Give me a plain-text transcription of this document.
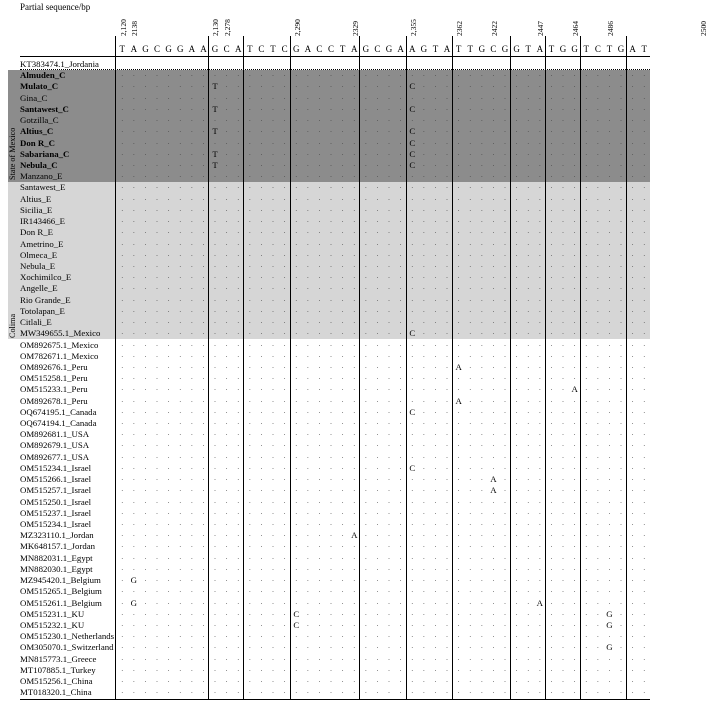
Partial sequence/bp
2,120 2138	2,130 2,278	2,290	2329	2,355	2362	2422	2447	2464	2486	2500
T A G C G G A A G C A T C T C G A C C T A G C G A A G T A T T G C G G T A T G G T C T G A T
KT383474.1_Jordania
Almuden_C	.	.	.	.	.	.	.	.	.	.	.	.	.	.	.	.	.	.	.	.	.	.	.	.	.	.	.	.	.	.	.	.	.	.	.	.	.	.	.	.	.	.	.	.	.	.
Mulato_C	.	.	.	.	.	.	.	. T	.	.	.	.	.	.	.	.	.	.	.	.	.	.	.	. C	.	.	.	.	.	.	.	.	.	.	.	.	.	.	.	.	.	.	.	.
Gina_C	.	.	.	.	.	.	.	.	.	.	.	.	.	.	.	.	.	.	.	.	.	.	.	.	.	.	.	.	.	.	.	.	.	.	.	.	.	.	.	.	.	.	.	.	.	.
Santawest_C	.	.	.	.	.	.	.	. T	.	.	.	.	.	.	.	.	.	.	.	.	.	.	.	. C	.	.	.	.	.	.	.	.	.	.	.	.	.	.	.	.	.	.	.	.
Gotzilla_C	.	.	.	.	.	.	.	.	.	.	.	.	.	.	.	.	.	.	.	.	.	.	.	.	.	.	.	.	.	.	.	.	.	.	.	.	.	.	.	.	.	.	.	.	.	.
Altius_C	.	.	.	.	.	.	.	. T	.	.	.	.	.	.	.	.	.	.	.	.	.	.	.	. C	.	.	.	.	.	.	.	.	.	.	.	.	.	.	.	.	.	.	.	.
Don R_C	.	.	.	.	.	.	.	.	.	.	.	.	.	.	.	.	.	.	.	.	.	.	.	.	. C	.	.	.	.	.	.	.	.	.	.	.	.	.	.	.	.	.	.	.	.
Sabariana_C	.	.	.	.	.	.	.	. T	.	.	.	.	.	.	.	.	.	.	.	.	.	.	.	. C	.	.	.	.	.	.	.	.	.	.	.	.	.	.	.	.	.	.	.	.
Nebula_C	.	.	.	.	.	.	.	. T	.	.	.	.	.	.	.	.	.	.	.	.	.	.	.	. C	.	.	.	.	.	.	.	.	.	.	.	.	.	.	.	.	.	.	.	.
Manzano_E	.	.	.	.	.	.	.	.	.	.	.	.	.	.	.	.	.	.	.	.	.	.	.	.	.	.	.	.	.	.	.	.	.	.	.	.	.	.	.	.	.	.	.	.	.	.
Santawest_E	.	.	.	.	.	.	.	.	.	.	.	.	.	.	.	.	.	.	.	.	.	.	.	.	.	.	.	.	.	.	.	.	.	.	.	.	.	.	.	.	.	.	.	.	.	.
Altius_E	.	.	.	.	.	.	.	.	.	.	.	.	.	.	.	.	.	.	.	.	.	.	.	.	.	.	.	.	.	.	.	.	.	.	.	.	.	.	.	.	.	.	.	.	.	.
Sicilia_E	.	.	.	.	.	.	.	.	.	.	.	.	.	.	.	.	.	.	.	.	.	.	.	.	.	.	.	.	.	.	.	.	.	.	.	.	.	.	.	.	.	.	.	.	.	.
IR143466_E	.	.	.	.	.	.	.	.	.	.	.	.	.	.	.	.	.	.	.	.	.	.	.	.	.	.	.	.	.	.	.	.	.	.	.	.	.	.	.	.	.	.	.	.	.	.
Don R_E	.	.	.	.	.	.	.	.	.	.	.	.	.	.	.	.	.	.	.	.	.	.	.	.	.	.	.	.	.	.	.	.	.	.	.	.	.	.	.	.	.	.	.	.	.	.
Ametrino_E	.	.	.	.	.	.	.	.	.	.	.	.	.	.	.	.	.	.	.	.	.	.	.	.	.	.	.	.	.	.	.	.	.	.	.	.	.	.	.	.	.	.	.	.	.	.
Olmeca_E	.	.	.	.	.	.	.	.	.	.	.	.	.	.	.	.	.	.	.	.	.	.	.	.	.	.	.	.	.	.	.	.	.	.	.	.	.	.	.	.	.	.	.	.	.	.
Nebula_E	.	.	.	.	.	.	.	.	.	.	.	.	.	.	.	.	.	.	.	.	.	.	.	.	.	.	.	.	.	.	.	.	.	.	.	.	.	.	.	.	.	.	.	.	.	.
Xochimilco_E	.	.	.	.	.	.	.	.	.	.	.	.	.	.	.	.	.	.	.	.	.	.	.	.	.	.	.	.	.	.	.	.	.	.	.	.	.	.	.	.	.	.	.	.	.	.
Angelle_E	.	.	.	.	.	.	.	.	.	.	.	.	.	.	.	.	.	.	.	.	.	.	.	.	.	.	.	.	.	.	.	.	.	.	.	.	.	.	.	.	.	.	.	.	.	.
Rio Grande_E	.	.	.	.	.	.	.	.	.	.	.	.	.	.	.	.	.	.	.	.	.	.	.	.	.	.	.	.	.	.	.	.	.	.	.	.	.	.	.	.	.	.	.	.	.	.
Totolapan_E	.	.	.	.	.	.	.	.	.	.	.	.	.	.	.	.	.	.	.	.	.	.	.	.	.	.	.	.	.	.	.	.	.	.	.	.	.	.	.	.	.	.	.	.	.	.
Citlali_E	.	.	.	.	.	.	.	.	.	.	.	.	.	.	.	.	.	.	.	.	.	.	.	.	.	.	.	.	.	.	.	.	.	.	.	.	.	.	.	.	.	.	.	.	.	.
MW349655.1_Mexico	.	.	.	.	.	.	.	.	.	.	.	.	.	.	.	.	.	.	.	.	.	.	.	.	. C	.	.	.	.	.	.	.	.	.	.	.	.	.	.	.	.	.	.	.	.
OM892675.1_Mexico	.	.	.	.	.	.	.	.	.	.	.	.	.	.	.	.	.	.	.	.	.	.	.	.	.	.	.	.	.	.	.	.	.	.	.	.	.	.	.	.	.	.	.	.	.	.
OM782671.1_Mexico	.	.	.	.	.	.	.	.	.	.	.	.	.	.	.	.	.	.	.	.	.	.	.	.	.	.	.	.	.	.	.	.	.	.	.	.	.	.	.	.	.	.	.	.	.	.
OM892676.1_Peru	.	.	.	.	.	.	.	.	.	.	.	.	.	.	.	.	.	.	.	.	.	.	.	.	.	.	.	.	. A	.	.	.	.	.	.	.	.	.	.	.	.	.	.	.	.
OM515258.1_Peru	.	.	.	.	.	.	.	.	.	.	.	.	.	.	.	.	.	.	.	.	.	.	.	.	.	.	.	.	.	.	.	.	.	.	.	.	.	.	.	.	.	.	.	.	.	.
OM515233.1_Peru	.	.	.	.	.	.	.	.	.	.	.	.	.	.	.	.	.	.	.	.	.	.	.	.	.	.	.	.	.	.	.	.	.	.	.	.	.	.	. A	.	.	.	.	.	.
OM892678.1_Peru	.	.	.	.	.	.	.	.	.	.	.	.	.	.	.	.	.	.	.	.	.	.	.	.	.	.	.	.	. A	.	.	.	.	.	.	.	.	.	.	.	.	.	.	.	.
OQ674195.1_Canada	.	.	.	.	.	.	.	.	.	.	.	.	.	.	.	.	.	.	.	.	.	.	.	.	. C	.	.	.	.	.	.	.	.	.	.	.	.	.	.	.	.	.	.	.	.
OQ674194.1_Canada	.	.	.	.	.	.	.	.	.	.	.	.	.	.	.	.	.	.	.	.	.	.	.	.	.	.	.	.	.	.	.	.	.	.	.	.	.	.	.	.	.	.	.	.	.	.
OM892681.1_USA	.	.	.	.	.	.	.	.	.	.	.	.	.	.	.	.	.	.	.	.	.	.	.	.	.	.	.	.	.	.	.	.	.	.	.	.	.	.	.	.	.	.	.	.	.	.
OM892679.1_USA	.	.	.	.	.	.	.	.	.	.	.	.	.	.	.	.	.	.	.	.	.	.	.	.	.	.	.	.	.	.	.	.	.	.	.	.	.	.	.	.	.	.	.	.	.	.
OM892677.1_USA	.	.	.	.	.	.	.	.	.	.	.	.	.	.	.	.	.	.	.	.	.	.	.	.	.	.	.	.	.	.	.	.	.	.	.	.	.	.	.	.	.	.	.	.	.	.
OM515234.1_Israel	.	.	.	.	.	.	.	.	.	.	.	.	.	.	.	.	.	.	.	.	.	.	.	.	. C	.	.	.	.	.	.	.	.	.	.	.	.	.	.	.	.	.	.	.	.
OM515266.1_Israel	.	.	.	.	.	.	.	.	.	.	.	.	.	.	.	.	.	.	.	.	.	.	.	.	.	.	.	.	.	.	.	. A	.	.	.	.	.	.	.	.	.	.	.	.	.
OM515257.1_Israel	.	.	.	.	.	.	.	.	.	.	.	.	.	.	.	.	.	.	.	.	.	.	.	.	.	.	.	.	.	.	.	. A	.	.	.	.	.	.	.	.	.	.	.	.	.
OM515250.1_Israel	.	.	.	.	.	.	.	.	.	.	.	.	.	.	.	.	.	.	.	.	.	.	.	.	.	.	.	.	.	.	.	.	.	.	.	.	.	.	.	.	.	.	.	.	.	.
OM515237.1_Israel	.	.	.	.	.	.	.	.	.	.	.	.	.	.	.	.	.	.	.	.	.	.	.	.	.	.	.	.	.	.	.	.	.	.	.	.	.	.	.	.	.	.	.	.	.	.
OM515234.1_Israel	.	.	.	.	.	.	.	.	.	.	.	.	.	.	.	.	.	.	.	.	.	.	.	.	.	.	.	.	.	.	.	.	.	.	.	.	.	.	.	.	.	.	.	.	.	.
MZ323110.1_Jordan	.	.	.	.	.	.	.	.	.	.	.	.	.	.	.	.	.	.	.	. A	.	.	.	.	.	.	.	.	.	.	.	.	.	.	.	.	.	.	.	.	.	.	.	.	.
MK648157.1_Jordan	.	.	.	.	.	.	.	.	.	.	.	.	.	.	.	.	.	.	.	.	.	.	.	.	.	.	.	.	.	.	.	.	.	.	.	.	.	.	.	.	.	.	.	.	.	.
MN882031.1_Egypt	.	.	.	.	.	.	.	.	.	.	.	.	.	.	.	.	.	.	.	.	.	.	.	.	.	.	.	.	.	.	.	.	.	.	.	.	.	.	.	.	.	.	.	.	.	.
MN882030.1_Egypt	.	.	.	.	.	.	.	.	.	.	.	.	.	.	.	.	.	.	.	.	.	.	.	.	.	.	.	.	.	.	.	.	.	.	.	.	.	.	.	.	.	.	.	.	.	.
MZ945420.1_Belgium	. G	.	.	.	.	.	.	.	.	.	.	.	.	.	.	.	.	.	.	.	.	.	.	.	.	.	.	.	.	.	.	.	.	.	.	.	.	.	.	.	.	.	.	.	.
OM515265.1_Belgium	.	.	.	.	.	.	.	.	.	.	.	.	.	.	.	.	.	.	.	.	.	.	.	.	.	.	.	.	.	.	.	.	.	.	.	.	.	.	.	.	.	.	.	.	.	.
OM515261.1_Belgium	. G	.	.	.	.	.	.	.	.	.	.	.	.	.	.	.	.	.	.	.	.	.	.	.	.	.	.	.	.	.	.	.	.	.	. A	.	.	.	.	.	.	.	.	.
OM515231.1_KU	.	.	.	.	.	.	.	.	.	.	.	.	.	.	. C	.	.	.	.	.	.	.	.	.	.	.	.	.	.	.	.	.	.	.	.	.	.	.	.	.	. G	.	.	.
OM515232.1_KU	.	.	.	.	.	.	.	.	.	.	.	.	.	.	. C	.	.	.	.	.	.	.	.	.	.	.	.	.	.	.	.	.	.	.	.	.	.	.	.	.	. G	.	.	.
OM515230.1_Netherlands	.	.	.	.	.	.	.	.	.	.	.	.	.	.	.	.	.	.	.	.	.	.	.	.	.	.	.	.	.	.	.	.	.	.	.	.	.	.	.	.	.	.	.	.	.	.
OM305070.1_Switzerland	.	.	.	.	.	.	.	.	.	.	.	.	.	.	.	.	.	.	.	.	.	.	.	.	.	.	.	.	.	.	.	.	.	.	.	.	.	.	.	.	.	. G	.	.	.
MN815773.1_Greece	.	.	.	.	.	.	.	.	.	.	.	.	.	.	.	.	.	.	.	.	.	.	.	.	.	.	.	.	.	.	.	.	.	.	.	.	.	.	.	.	.	.	.	.	.	.
MT107885.1_Turkey	.	.	.	.	.	.	.	.	.	.	.	.	.	.	.	.	.	.	.	.	.	.	.	.	.	.	.	.	.	.	.	.	.	.	.	.	.	.	.	.	.	.	.	.	.	.
OM515256.1_China	.	.	.	.	.	.	.	.	.	.	.	.	.	.	.	.	.	.	.	.	.	.	.	.	.	.	.	.	.	.	.	.	.	.	.	.	.	.	.	.	.	.	.	.	.	.
MT018320.1_China	.	.	.	.	.	.	.	.	.	.	.	.	.	.	.	.	.	.	.	.	.	.	.	.	.	.	.	.	.	.	.	.	.	.	.	.	.	.	.	.	.	.	.	.	.	.
State of Mexico
Colima
